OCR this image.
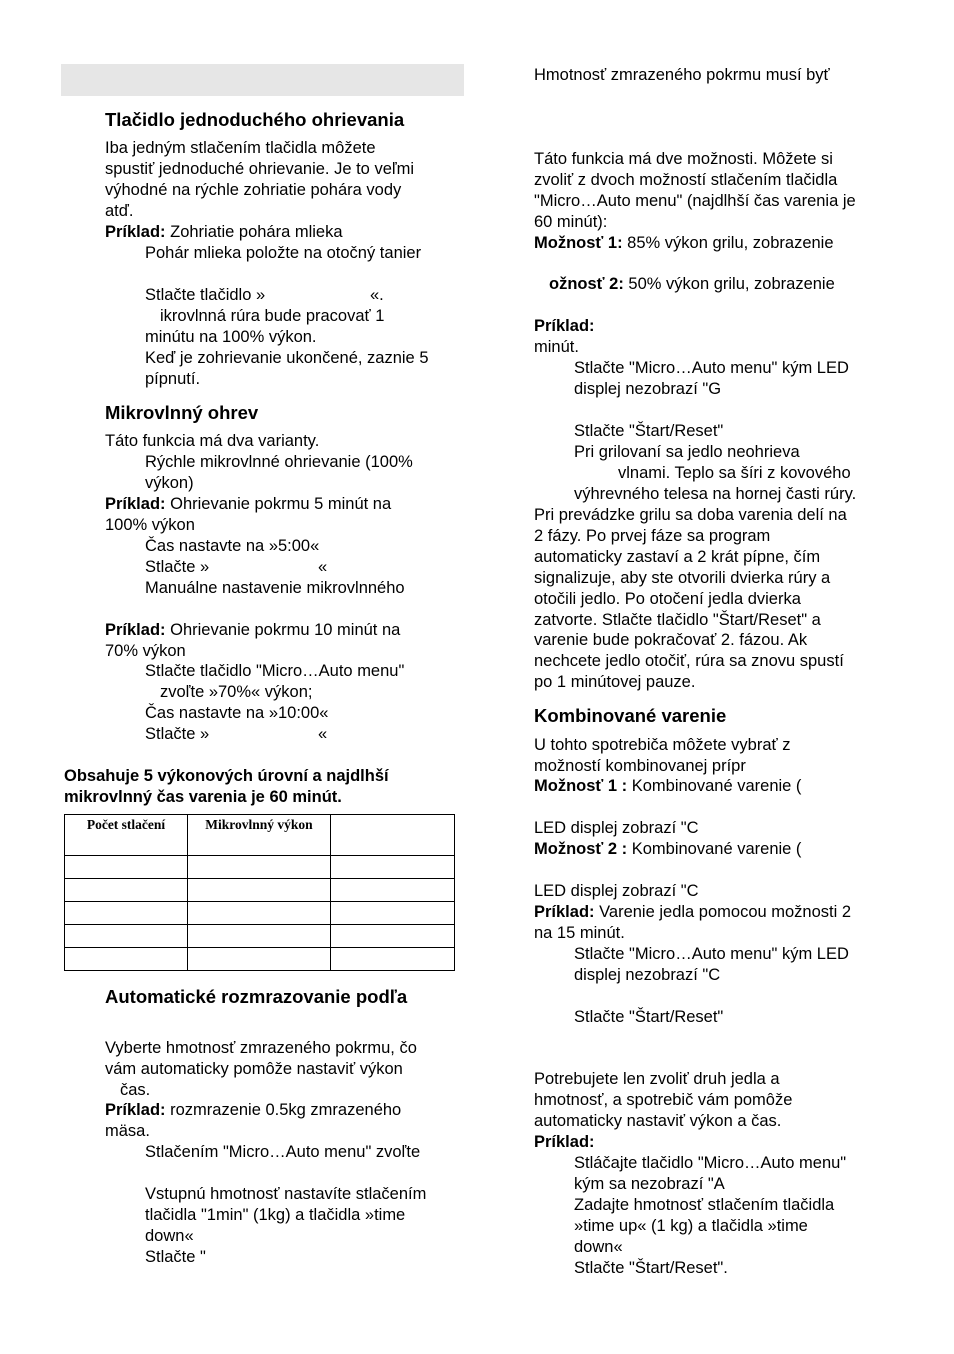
Tlačidlo jednoduchého ohrievania
Iba jedným stlačením tlačidla môžete
spustiť jednoduché ohrievanie. Je to veľmi
výhodné na rýchle zohriatie pohára vody
atď.
Príklad: Zohriatie pohára mlieka
Pohár mlieka položte na otočný tanier
Stlačte tlačidlo »	«.
ikrovlnná rúra bude pracovať 1
minútu na 100% výkon.
Keď je zohrievanie ukončené, zaznie 5
pípnutí.
Mikrovlnný ohrev
Táto funkcia má dva varianty.
Rýchle mikrovlnné ohrievanie (100%
výkon)
Príklad: Ohrievanie pokrmu 5 minút na
100% výkon
Čas nastavte na »5:00«
Stlačte »	«
Manuálne nastavenie mikrovlnného
Príklad: Ohrievanie pokrmu 10 minút na
70% výkon
Stlačte tlačidlo "Micro…Auto menu"
zvoľte »70%« výkon;
Čas nastavte na »10:00«
Stlačte »	«
Obsahuje 5 výkonových úrovní a najdlhší
mikrovlnný čas varenia je 60 minút.
Počet stlačení	Mikrovlnný výkon	

Automatické rozmrazovanie podľa
Vyberte hmotnosť zmrazeného pokrmu, čo
vám automaticky pomôže nastaviť výkon
čas.
Príklad: rozmrazenie 0.5kg zmrazeného
mäsa.
Stlačením "Micro…Auto menu" zvoľte
Vstupnú hmotnosť nastavíte stlačením
tlačidla "1min" (1kg) a tlačidla »time
down«
Stlačte "
Hmotnosť zmrazeného pokrmu musí byť
Táto funkcia má dve možnosti. Môžete si
zvoliť z dvoch možností stlačením tlačidla
"Micro…Auto menu" (najdlhší čas varenia je
60 minút):
Možnosť 1: 85% výkon grilu, zobrazenie
ožnosť 2: 50% výkon grilu, zobrazenie
Príklad:
minút.
Stlačte "Micro…Auto menu" kým LED
displej nezobrazí "G
Stlačte "Štart/Reset"
Pri grilovaní sa jedlo neohrieva
vlnami. Teplo sa šíri z kovového
výhrevného telesa na hornej časti rúry.
Pri prevádzke grilu sa doba varenia delí na
2 fázy. Po prvej fáze sa program
automaticky zastaví a 2 krát pípne, čím
signalizuje, aby ste otvorili dvierka rúry a
otočili jedlo. Po otočení jedla dvierka
zatvorte. Stlačte tlačidlo "Štart/Reset" a
varenie bude pokračovať 2. fázou. Ak
nechcete jedlo otočiť, rúra sa znovu spustí
po 1 minútovej pauze.
Kombinované varenie
U tohto spotrebiča môžete vybrať z
možností kombinovanej prípr
Možnosť 1 : Kombinované varenie (
LED displej zobrazí "C
Možnosť 2 : Kombinované varenie (
LED displej zobrazí "C
Príklad: Varenie jedla pomocou možnosti 2
na 15 minút.
Stlačte "Micro…Auto menu" kým LED
displej nezobrazí "C
Stlačte "Štart/Reset"
Potrebujete len zvoliť druh jedla a
hmotnosť, a spotrebič vám pomôže
automaticky nastaviť výkon a čas.
Príklad:
Stláčajte tlačidlo "Micro…Auto menu"
kým sa nezobrazí "A
Zadajte hmotnosť stlačením tlačidla
»time up« (1 kg) a tlačidla »time
down«
Stlačte "Štart/Reset".
